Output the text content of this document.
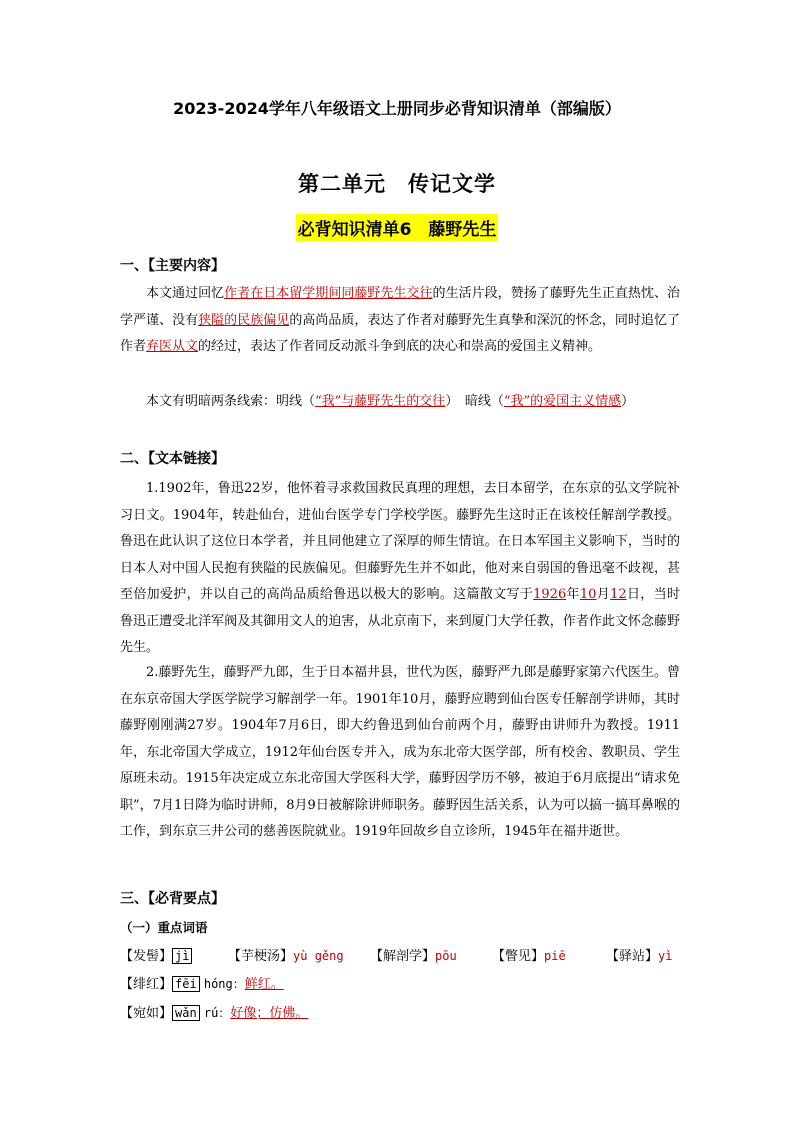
2023-2024学年八年级语文上册同步必背知识清单（部编版）
第二单元　传记文学
必背知识清单6　藤野先生
一、【主要内容】
本文通过回忆作者在日本留学期间同藤野先生交往的生活片段，赞扬了藤野先生正直热忱、治学严谨、没有狭隘的民族偏见的高尚品质，表达了作者对藤野先生真挚和深沉的怀念，同时追忆了作者弃医从文的经过，表达了作者同反动派斗争到底的决心和崇高的爱国主义精神。
本文有明暗两条线索：明线（“我”与藤野先生的交往）　暗线（“我”的爱国主义情感）
二、【文本链接】
1.1902年，鲁迅22岁，他怀着寻求救国救民真理的理想，去日本留学，在东京的弘文学院补习日文。1904年，转赴仙台，进仙台医学专门学校学医。藤野先生这时正在该校任解剖学教授。鲁迅在此认识了这位日本学者，并且同他建立了深厚的师生情谊。在日本军国主义影响下，当时的日本人对中国人民抱有狭隘的民族偏见。但藤野先生并不如此，他对来自弱国的鲁迅毫不歧视，甚至倍加爱护，并以自己的高尚品质给鲁迅以极大的影响。这篇散文写于1926年10月12日，当时鲁迅正遭受北洋军阀及其御用文人的迫害，从北京南下，来到厦门大学任教，作者作此文怀念藤野先生。
2.藤野先生，藤野严九郎，生于日本福井县，世代为医，藤野严九郎是藤野家第六代医生。曾在东京帝国大学医学院学习解剖学一年。1901年10月，藤野应聘到仙台医专任解剖学讲师，其时藤野刚刚满27岁。1904年7月6日，即大约鲁迅到仙台前两个月，藤野由讲师升为教授。1911年，东北帝国大学成立，1912年仙台医专并入，成为东北帝大医学部，所有校舍、教职员、学生原班未动。1915年决定成立东北帝国大学医科大学，藤野因学历不够，被迫于6月底提出“请求免职”，7月1日降为临时讲师，8月9日被解除讲师职务。藤野因生活关系，认为可以搞一搞耳鼻喉的工作，到东京三井公司的慈善医院就业。1919年回故乡自立诊所，1945年在福井逝世。
三、【必背要点】
（一）重点词语
【发髻】 jì	【芋梗汤】yù gěng 【解剖学】pōu	【瞥见】piē	【驿站】yì
【绯红】 fēi hóng：鲜红。
【宛如】 wǎn rú：好像；仿佛。
